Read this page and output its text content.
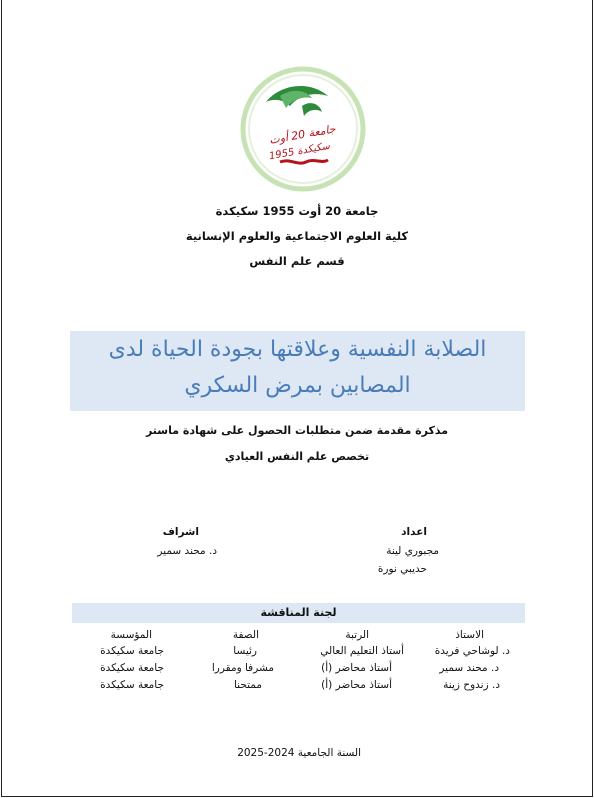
جامعة 20 أوت
1955 سكيكدة
جامعة 20 أوت 1955 سكيكدة
كلية العلوم الاجتماعية والعلوم الإنسانية
قسم علم النفس
الصلابة النفسية وعلاقتها بجودة الحياة لدى
المصابين بمرض السكري
مذكرة مقدمة ضمن متطلبات الحصول على شهادة ماستر
تخصص علم النفس العيادي
اعداد
مجبوري لينة
حديبي نورة
اشراف
د. محند سمير
لجنة المناقشة
الاستاذ
الرتبة
الصفة
المؤسسة
د. لوشاحي فريدة
أستاذ التعليم العالي
رئيسا
جامعة سكيكدة
د. محند سمير
أستاذ محاضر (أ)
مشرفا ومقررا
جامعة سكيكدة
د. زندوح زينة
أستاذ محاضر (أ)
ممتحنا
جامعة سكيكدة
السنة الجامعية 2024-2025
